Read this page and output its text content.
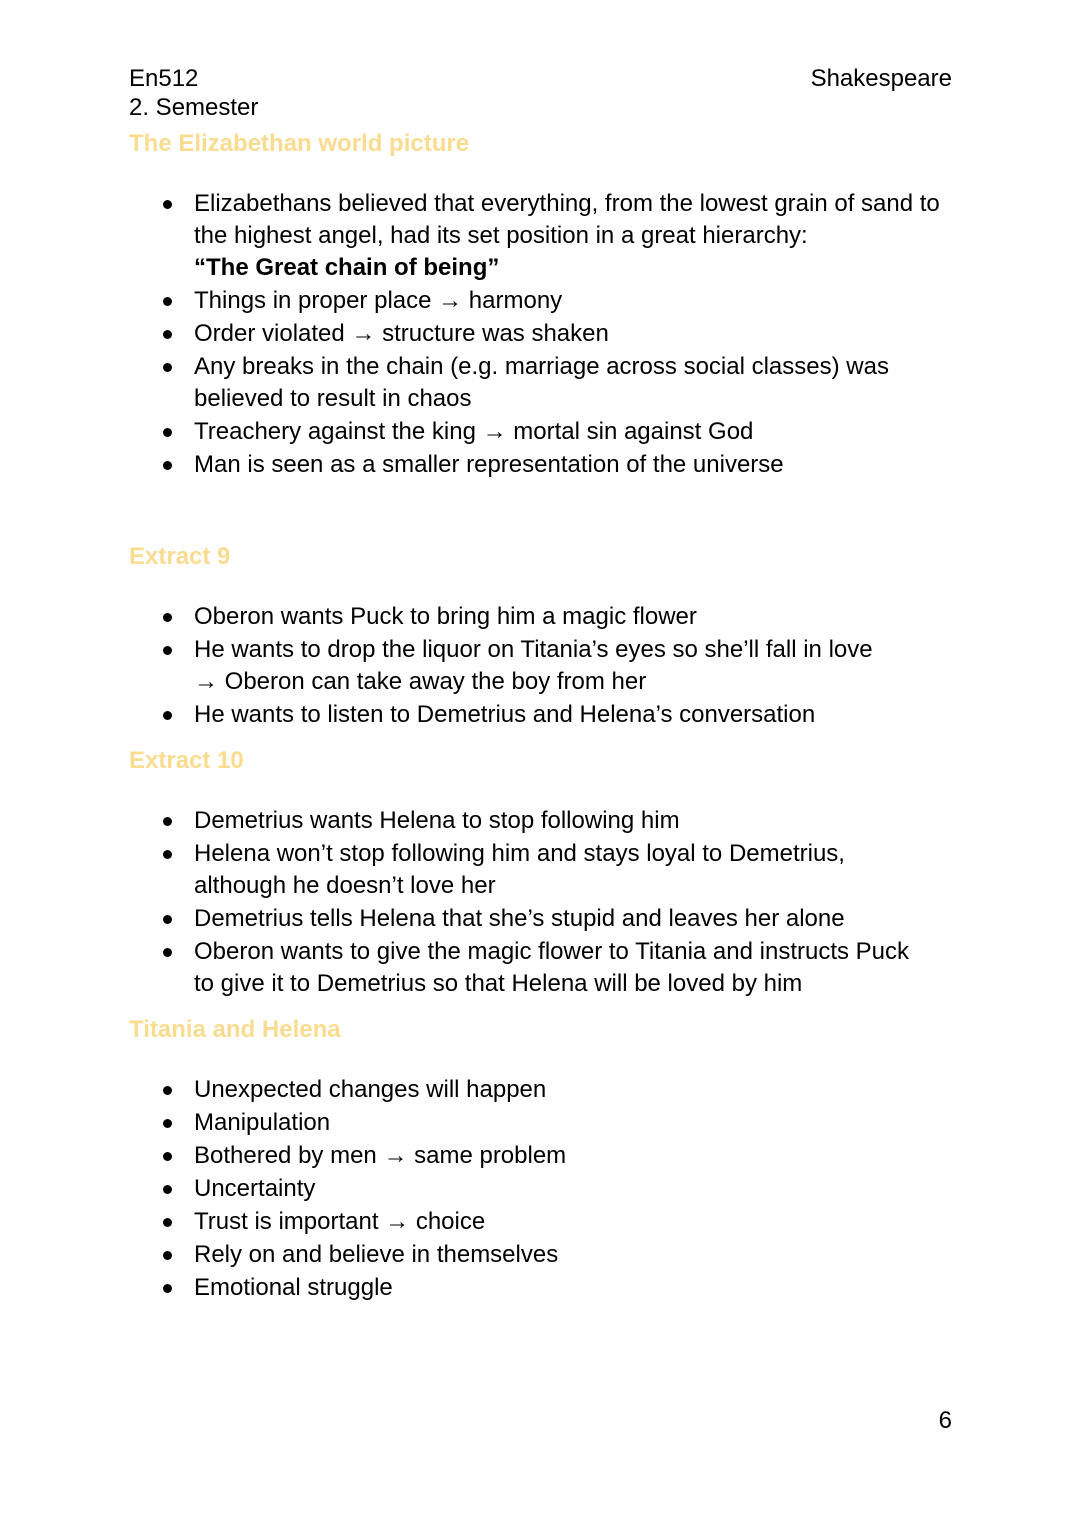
En512
2. Semester
Shakespeare
The Elizabethan world picture
Elizabethans believed that everything, from the lowest grain of sand to the highest angel, had its set position in a great hierarchy:
“The Great chain of being”
Things in proper place → harmony
Order violated → structure was shaken
Any breaks in the chain (e.g. marriage across social classes) was believed to result in chaos
Treachery against the king → mortal sin against God
Man is seen as a smaller representation of the universe
Extract 9
Oberon wants Puck to bring him a magic flower
He wants to drop the liquor on Titania’s eyes so she’ll fall in love
→ Oberon can take away the boy from her
He wants to listen to Demetrius and Helena’s conversation
Extract 10
Demetrius wants Helena to stop following him
Helena won’t stop following him and stays loyal to Demetrius, although he doesn’t love her
Demetrius tells Helena that she’s stupid and leaves her alone
Oberon wants to give the magic flower to Titania and instructs Puck to give it to Demetrius so that Helena will be loved by him
Titania and Helena
Unexpected changes will happen
Manipulation
Bothered by men → same problem
Uncertainty
Trust is important → choice
Rely on and believe in themselves
Emotional struggle
6
